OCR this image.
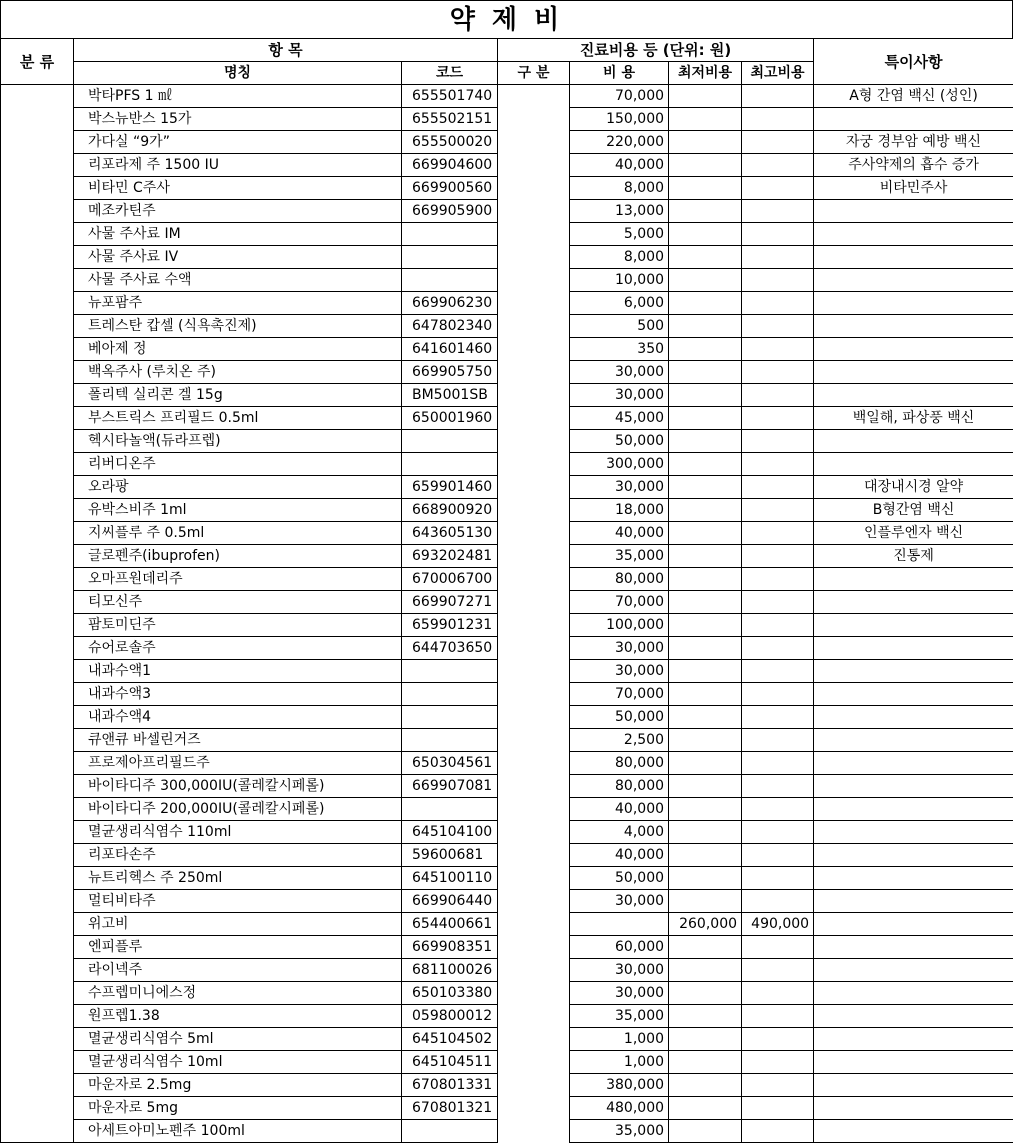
약 제 비
분 류	항 목		진료비용 등 (단위: 원)				특이사항
	명칭	코드	구 분	비 용	최저비용	최고비용	
	박타PFS 1 ㎖	655501740		70,000			A형 간염 백신 (성인)
	박스뉴반스 15가	655502151		150,000			
	가다실 “9가”	655500020		220,000			자궁 경부암 예방 백신
	리포라제 주 1500 IU	669904600		40,000			주사약제의 흡수 증가
	비타민 C주사	669900560		8,000			비타민주사
	메조카틴주	669905900		13,000			
	사물 주사료 IM			5,000			
	사물 주사료 IV			8,000			
	사물 주사료 수액			10,000			
	뉴포팜주	669906230		6,000			
	트레스탄 캅셀 (식욕촉진제)	647802340		500			
	베아제 정	641601460		350			
	백옥주사 (루치온 주)	669905750		30,000			
	폴리텍 실리콘 겔 15g	BM5001SB		30,000			
	부스트릭스 프리필드 0.5ml	650001960		45,000			백일해, 파상풍 백신
	헥시타놀액(듀라프렙)			50,000			
	리버디온주			300,000			
	오라팡	659901460		30,000			대장내시경 알약
	유박스비주 1ml	668900920		18,000			B형간염 백신
	지씨플루 주 0.5ml	643605130		40,000			인플루엔자 백신
	글로펜주(ibuprofen)	693202481		35,000			진통제
	오마프원데리주	670006700		80,000			
	티모신주	669907271		70,000			
	팜토미딘주	659901231		100,000			
	슈어로솔주	644703650		30,000			
	내과수액1			30,000			
	내과수액3			70,000			
	내과수액4			50,000			
	큐앤큐 바셀린거즈			2,500			
	프로제아프리필드주	650304561		80,000			
	바이타디주 300,000IU(콜레칼시페롤)	669907081		80,000			
	바이타디주 200,000IU(콜레칼시페롤)			40,000			
	멸균생리식염수 110ml	645104100		4,000			
	리포타손주	59600681		40,000			
	뉴트리헥스 주 250ml	645100110		50,000			
	멀티비타주	669906440		30,000			
	위고비	654400661			260,000	490,000	
	엔피플루	669908351		60,000			
	라이넥주	681100026		30,000			
	수프렙미니에스정	650103380		30,000			
	원프렙1.38	059800012		35,000			
	멸균생리식염수 5ml	645104502		1,000			
	멸균생리식염수 10ml	645104511		1,000			
	마운자로 2.5mg	670801331		380,000			
	마운자로 5mg	670801321		480,000			
	아세트아미노펜주 100ml			35,000			
